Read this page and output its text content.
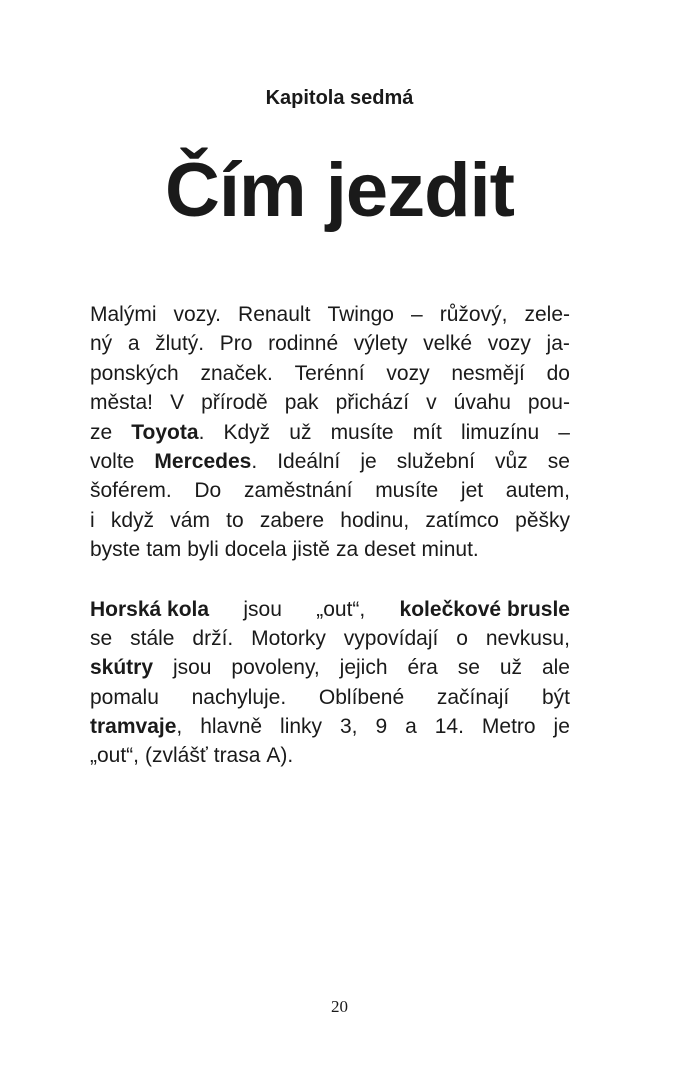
Kapitola sedmá
Čím jezdit
Malými vozy. Renault Twingo – růžový, zele-
ný a žlutý. Pro rodinné výlety velké vozy ja-
ponských značek. Terénní vozy nesmějí do
města! V přírodě pak přichází v úvahu pou-
ze Toyota. Když už musíte mít limuzínu –
volte Mercedes. Ideální je služební vůz se
šoférem. Do zaměstnání musíte jet autem,
i když vám to zabere hodinu, zatímco pěšky
byste tam byli docela jistě za deset minut.
Horská kola jsou „out“, kolečkové brusle
se stále drží. Motorky vypovídají o nevkusu,
skútry jsou povoleny, jejich éra se už ale
pomalu nachyluje. Oblíbené začínají být
tramvaje, hlavně linky 3, 9 a 14. Metro je
„out“, (zvlášť trasa A).
20
